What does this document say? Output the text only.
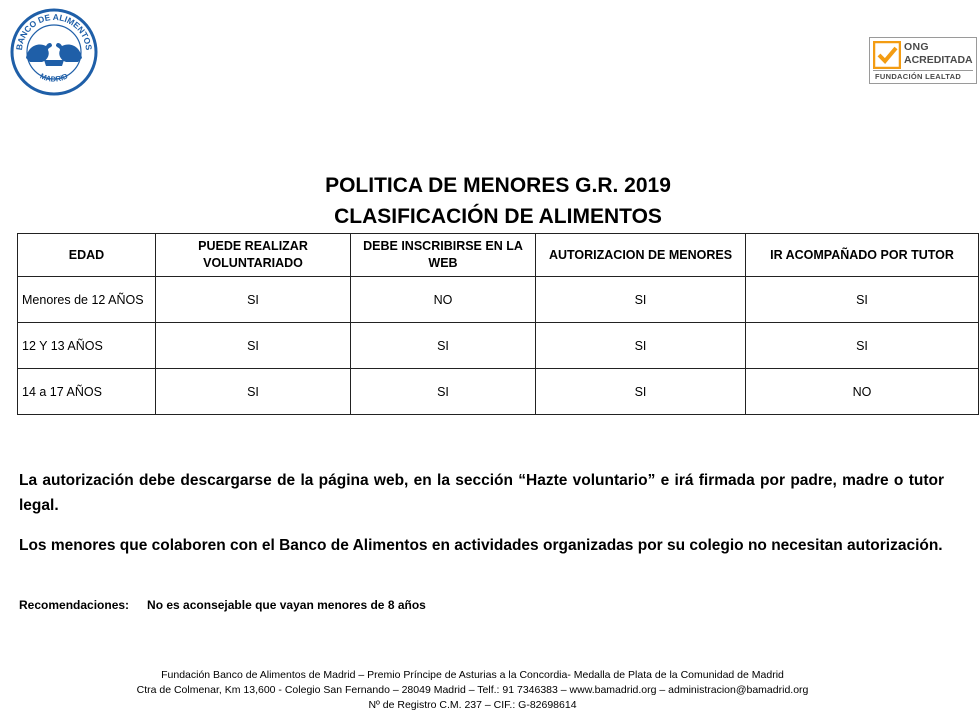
BANCO DE ALIMENTOS
MADRID
ONG
ACREDITADA
FUNDACIÓN LEALTAD
POLITICA DE MENORES G.R. 2019
CLASIFICACIÓN DE ALIMENTOS
EDAD	PUEDE REALIZAR VOLUNTARIADO	DEBE INSCRIBIRSE EN LA WEB	AUTORIZACION DE MENORES	IR ACOMPAÑADO POR TUTOR
Menores de 12 AÑOS	SI	NO	SI	SI
12 Y 13 AÑOS	SI	SI	SI	SI
14 a 17 AÑOS	SI	SI	SI	NO
La autorización debe descargarse de la página web, en la sección “Hazte voluntario” e irá firmada por padre, madre o tutor legal.
Los menores que colaboren con el Banco de Alimentos en actividades organizadas por su colegio no necesitan autorización.
Recomendaciones: No es aconsejable que vayan menores de 8 años
Fundación Banco de Alimentos de Madrid – Premio Príncipe de Asturias a la Concordia- Medalla de Plata de la Comunidad de Madrid
Ctra de Colmenar, Km 13,600 - Colegio San Fernando – 28049 Madrid – Telf.: 91 7346383 – www.bamadrid.org – administracion@bamadrid.org
Nº de Registro C.M. 237 – CIF.: G-82698614
